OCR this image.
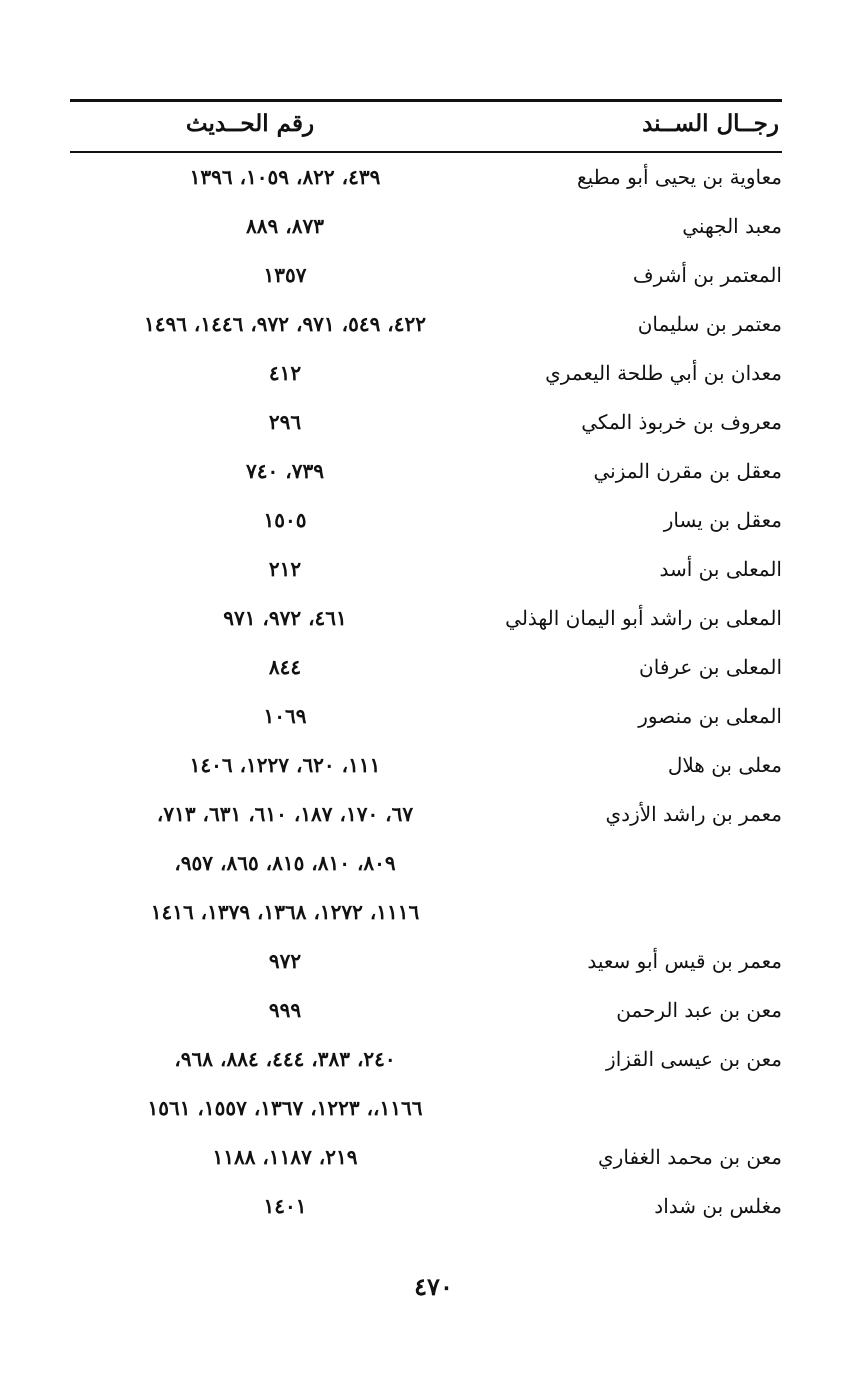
رجــال الســند
رقم الحــديث
معاوية بن يحيى أبو مطيع
٤٣٩، ٨٢٢، ١٠٥٩، ١٣٩٦
معبد الجهني
٨٧٣، ٨٨٩
المعتمر بن أشرف
١٣٥٧
معتمر بن سليمان
٤٢٢، ٥٤٩، ٩٧١، ٩٧٢، ١٤٤٦، ١٤٩٦
معدان بن أبي طلحة اليعمري
٤١٢
معروف بن خربوذ المكي
٢٩٦
معقل بن مقرن المزني
٧٣٩، ٧٤٠
معقل بن يسار
١٥٠٥
المعلى بن أسد
٢١٢
المعلى بن راشد أبو اليمان الهذلي
٤٦١، ٩٧٢، ٩٧١
المعلى بن عرفان
٨٤٤
المعلى بن منصور
١٠٦٩
معلى بن هلال
١١١، ٦٢٠، ١٢٢٧، ١٤٠٦
معمر بن راشد الأزدي
٦٧، ١٧٠، ١٨٧، ٦١٠، ٦٣١، ٧١٣،
٨٠٩، ٨١٠، ٨١٥، ٨٦٥، ٩٥٧،
١١١٦، ١٢٧٢، ١٣٦٨، ١٣٧٩، ١٤١٦
معمر بن قيس أبو سعيد
٩٧٢
معن بن عبد الرحمن
٩٩٩
معن بن عيسى القزاز
٢٤٠، ٣٨٣، ٤٤٤، ٨٨٤، ٩٦٨،
١١٦٦،، ١٢٢٣، ١٣٦٧، ١٥٥٧، ١٥٦١
معن بن محمد الغفاري
٢١٩، ١١٨٧، ١١٨٨
مغلس بن شداد
١٤٠١
٤٧٠
